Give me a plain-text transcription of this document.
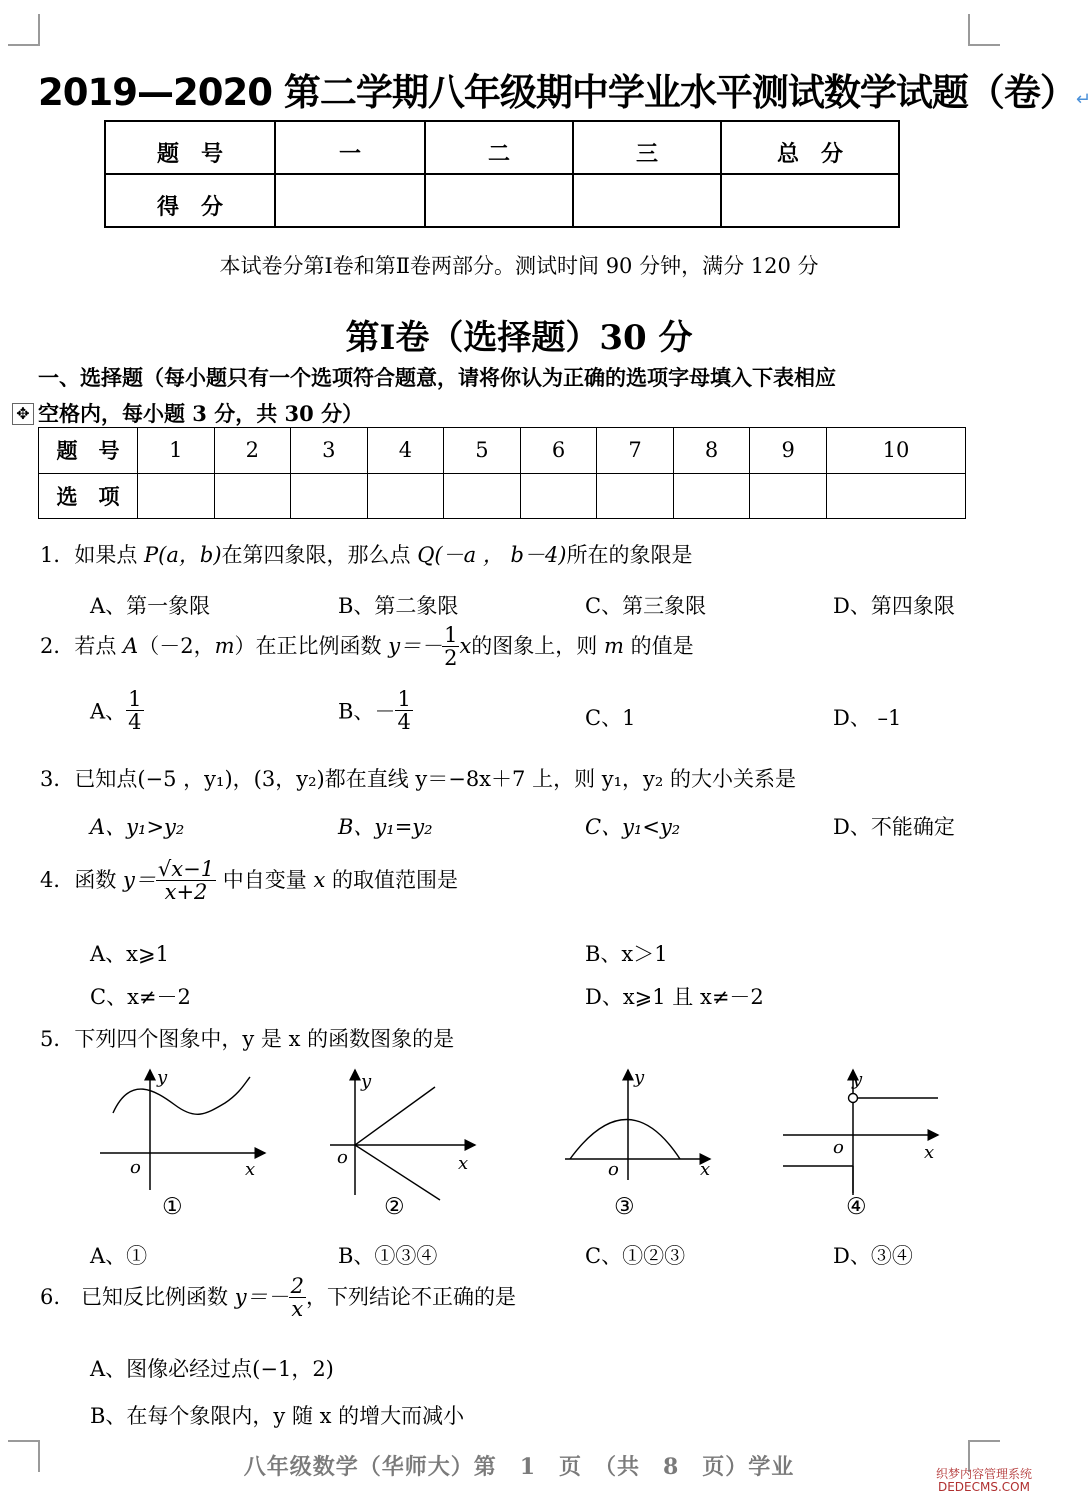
2019—2020 第二学期八年级期中学业水平测试数学试题（卷）↵
题　号	一	二	三	总　分
得　分				
本试卷分第Ⅰ卷和第Ⅱ卷两部分。测试时间 90 分钟，满分 120 分
第Ⅰ卷（选择题）30 分
一、选择题（每小题只有一个选项符合题意，请将你认为正确的选项字母填入下表相应
✥ 空格内，每小题 3 分，共 30 分）
题　号	1	2	3	4	5	6	7	8	9	10
选　项										
1．如果点 P(a，b)在第四象限，那么点 Q(－a ， b－4)所在的象限是
A、第一象限	B、第二象限	C、第三象限	D、第四象限
2．若点 A（－2，m）在正比例函数 $y=- \frac{1}{2}$ x的图象上，则 m 的值是
A、 $\frac{1}{4}$	B、－ $\frac{1}{4}$	C、1	D、 –1
3．已知点(−5 ，y₁)，(3，y₂)都在直线 y＝−8x＋7 上，则 y₁，y₂ 的大小关系是
A、y₁>y₂	B、y₁=y₂	C、y₁<y₂	D、不能确定
4．函数 $y= \frac{√x-1}{x+2}$ 中自变量 x 的取值范围是
A、x⩾1	B、x＞1
C、x≠－2	D、x⩾1 且 x≠－2
5．下列四个图象中，y 是 x 的函数图象的是
o	x
y
①
o	x
y
②
o	x
y
③
o	x
y
④
A、①	B、①③④	C、①②③	D、③④
6.　已知反比例函数 $y=- \frac{2}{x}$ ，下列结论不正确的是
A、图像必经过点(−1，2)
B、在每个象限内，y 随 x 的增大而减小
八年级数学（华师大）第　1　页　（共　8　页）学业	织梦内容管理系统
DEDECMS.COM
